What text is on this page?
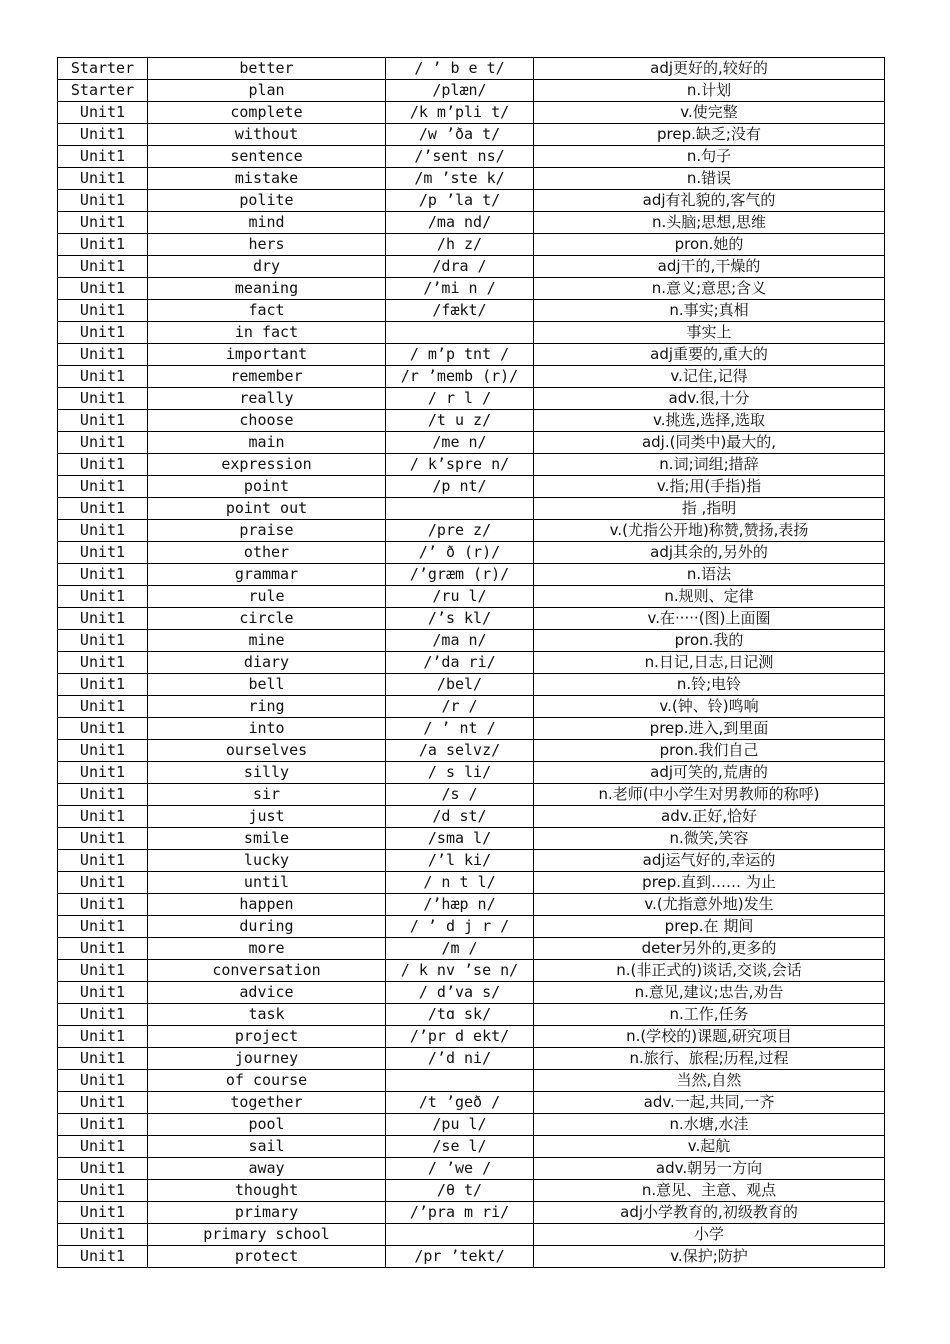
Starter	better	/ ’ b e t/	adj更好的,较好的
Starter	plan	/plæn/	n.计划
Unit1	complete	/k m’pli t/	v.使完整
Unit1	without	/w ’ða t/	prep.缺乏;没有
Unit1	sentence	/’sent ns/	n.句子
Unit1	mistake	/m ’ste k/	n.错误
Unit1	polite	/p ’la t/	adj有礼貌的,客气的
Unit1	mind	/ma nd/	n.头脑;思想,思维
Unit1	hers	/h z/	pron.她的
Unit1	dry	/dra /	adj干的,干燥的
Unit1	meaning	/’mi n /	n.意义;意思;含义
Unit1	fact	/fækt/	n.事实;真相
Unit1	in fact		事实上
Unit1	important	/ m’p tnt /	adj重要的,重大的
Unit1	remember	/r ’memb (r)/	v.记住,记得
Unit1	really	/ r l /	adv.很,十分
Unit1	choose	/t u z/	v.挑选,选择,选取
Unit1	main	/me n/	adj.(同类中)最大的,
Unit1	expression	/ k’spre n/	n.词;词组;措辞
Unit1	point	/p nt/	v.指;用(手指)指
Unit1	point out		指 ,指明
Unit1	praise	/pre z/	v.(尤指公开地)称赞,赞扬,表扬
Unit1	other	/’ ð (r)/	adj其余的,另外的
Unit1	grammar	/’græm (r)/	n.语法
Unit1	rule	/ru l/	n.规则、定律
Unit1	circle	/’s kl/	v.在·····(图)上面圈
Unit1	mine	/ma n/	pron.我的
Unit1	diary	/’da ri/	n.日记,日志,日记测
Unit1	bell	/bel/	n.铃;电铃
Unit1	ring	/r /	v.(钟、铃)鸣响
Unit1	into	/ ’ nt /	prep.进入,到里面
Unit1	ourselves	/a selvz/	pron.我们自己
Unit1	silly	/ s li/	adj可笑的,荒唐的
Unit1	sir	/s /	n.老师(中小学生对男教师的称呼)
Unit1	just	/d st/	adv.正好,恰好
Unit1	smile	/sma l/	n.微笑,笑容
Unit1	lucky	/’l ki/	adj运气好的,幸运的
Unit1	until	/ n t l/	prep.直到…… 为止
Unit1	happen	/’hæp n/	v.(尤指意外地)发生
Unit1	during	/ ’ d j r /	prep.在 期间
Unit1	more	/m /	deter另外的,更多的
Unit1	conversation	/ k nv ’se n/	n.(非正式的)谈话,交谈,会话
Unit1	advice	/ d’va s/	n.意见,建议;忠告,劝告
Unit1	task	/tɑ sk/	n.工作,任务
Unit1	project	/’pr d ekt/	n.(学校的)课题,研究项目
Unit1	journey	/’d ni/	n.旅行、旅程;历程,过程
Unit1	of course		当然,自然
Unit1	together	/t ’geð /	adv.一起,共同,一齐
Unit1	pool	/pu l/	n.水塘,水洼
Unit1	sail	/se l/	v.起航
Unit1	away	/ ’we /	adv.朝另一方向
Unit1	thought	/θ t/	n.意见、主意、观点
Unit1	primary	/’pra m ri/	adj小学教育的,初级教育的
Unit1	primary school		小学
Unit1	protect	/pr ’tekt/	v.保护;防护
